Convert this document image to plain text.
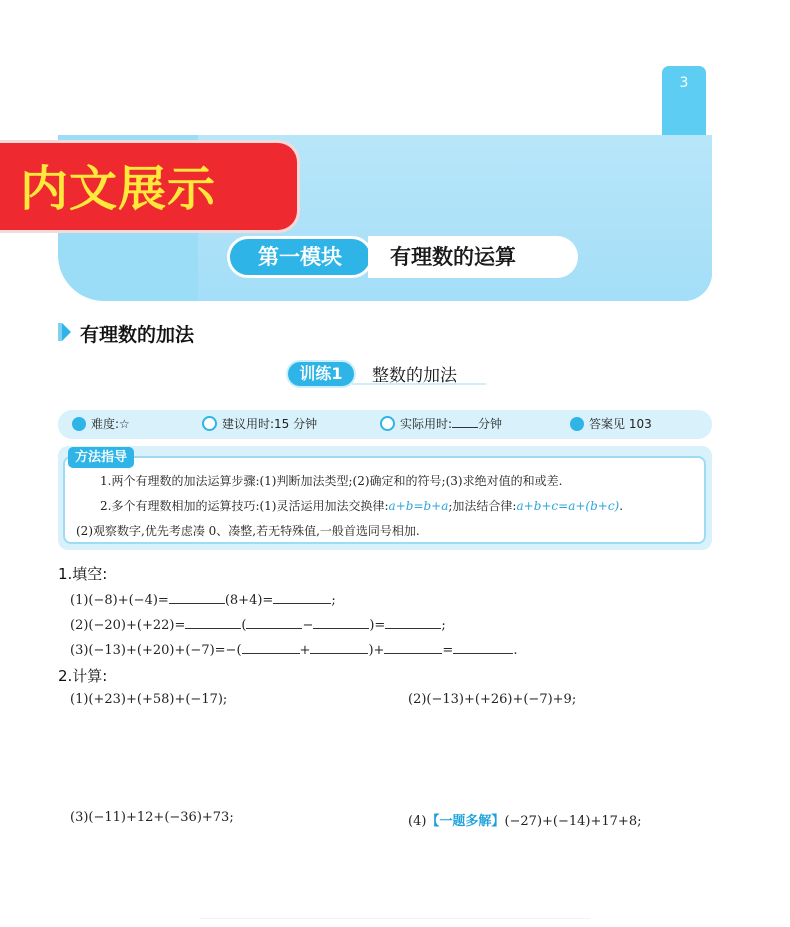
3
内文展示
第一模块	有理数的运算
有理数的加法
训练1	整数的加法
难度:☆	建议用时:15 分钟	实际用时: 分钟	答案见 103
方法指导
1.两个有理数的加法运算步骤:(1)判断加法类型;(2)确定和的符号;(3)求绝对值的和或差.
2.多个有理数相加的运算技巧:(1)灵活运用加法交换律:a+b=b+a;加法结合律:a+b+c=a+(b+c).
(2)观察数字,优先考虑凑 0、凑整,若无特殊值,一般首选同号相加.
1.填空:
(1)(−8)+(−4)=	(8+4)=	;
(2)(−20)+(+22)=	(	−	)=	;
(3)(−13)+(+20)+(−7)=−(	+	)+	=	.
2.计算:
(1)(+23)+(+58)+(−17);	(2)(−13)+(+26)+(−7)+9;
(3)(−11)+12+(−36)+73;	(4)【一题多解】(−27)+(−14)+17+8;
